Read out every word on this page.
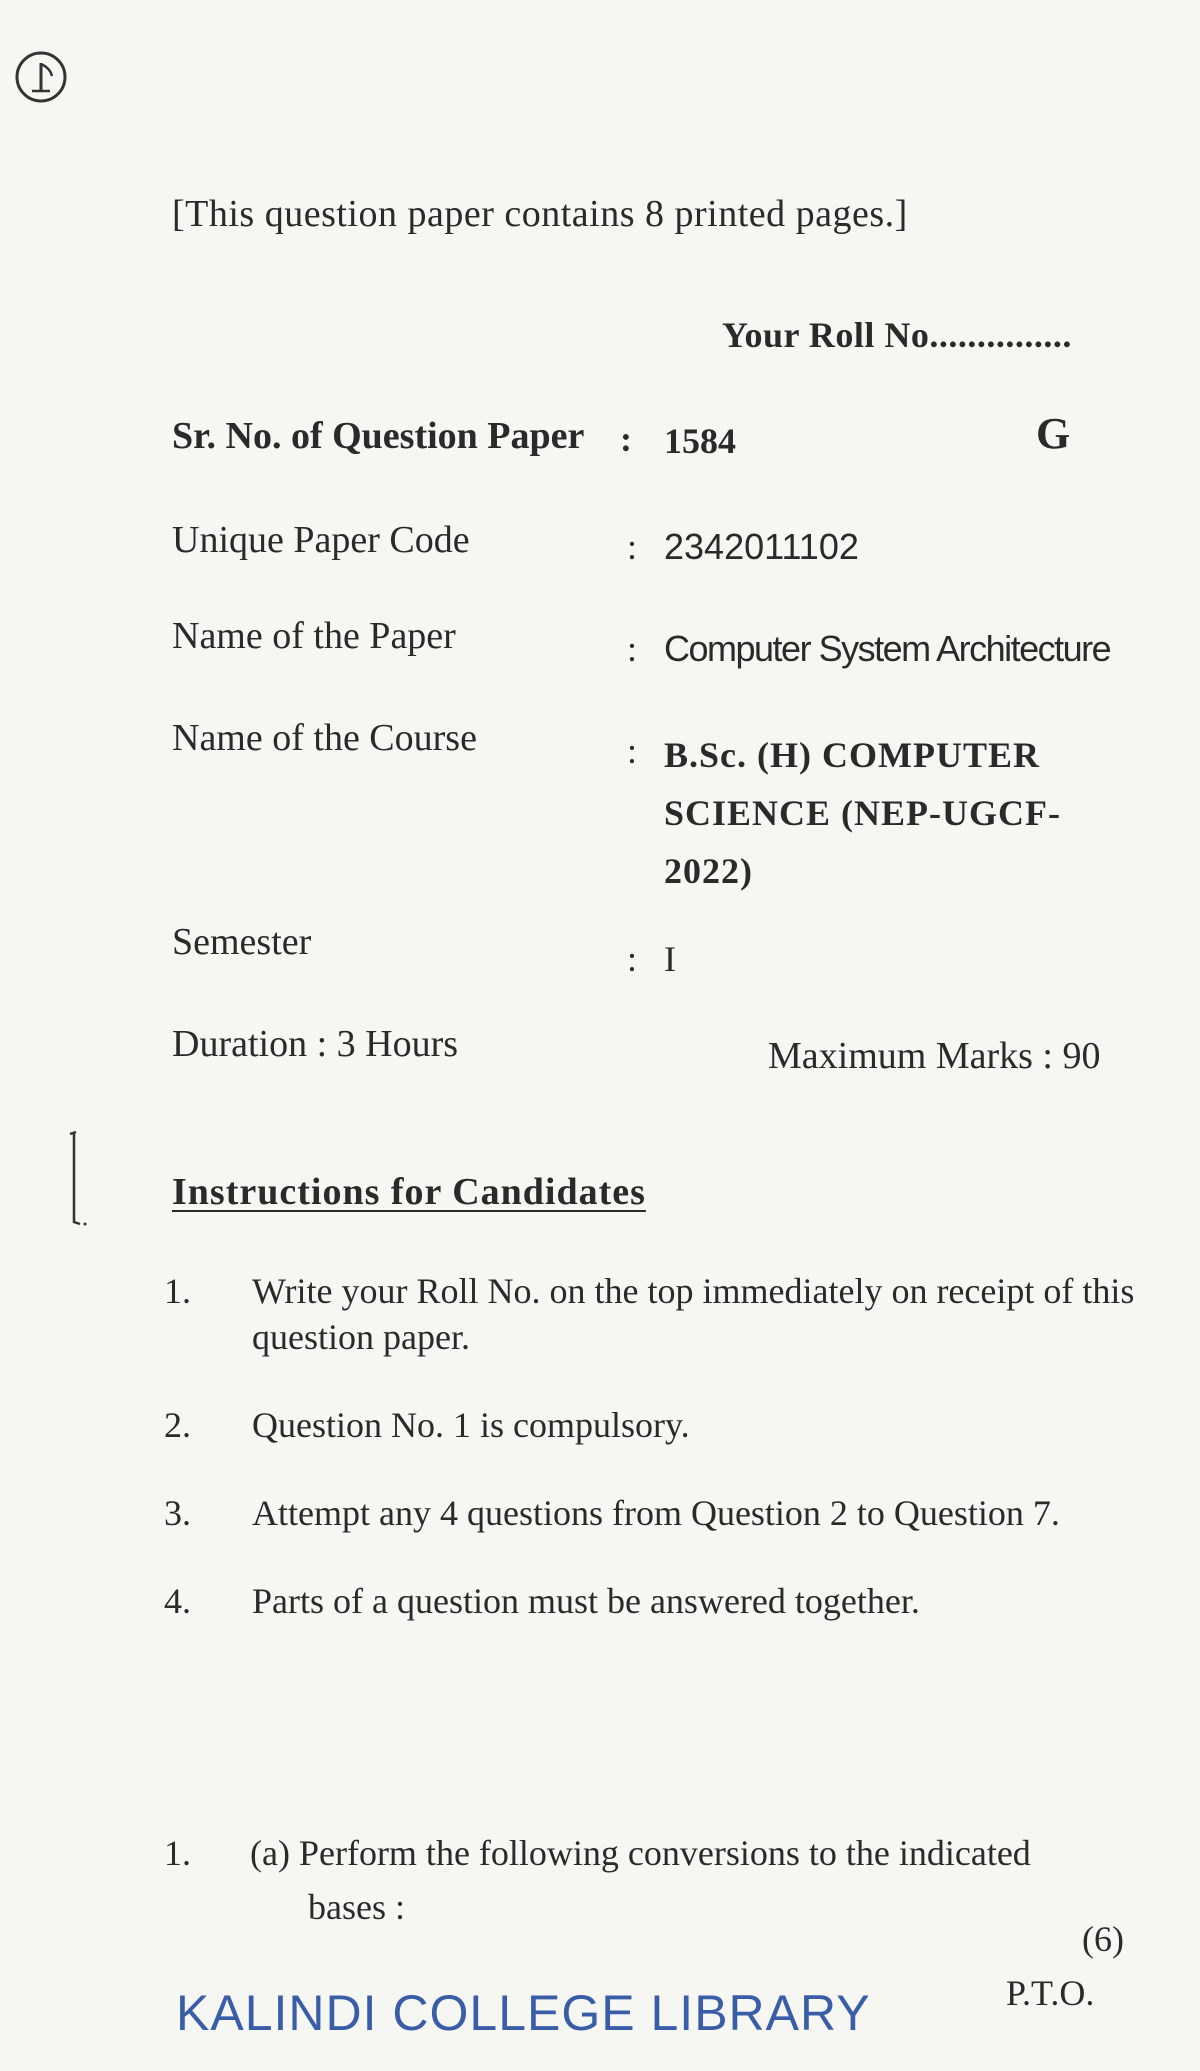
[This question paper contains 8 printed pages.]
Your Roll No...............
Sr. No. of Question Paper : 1584	G
Unique Paper Code	: 2342011102
Name of the Paper	: Computer System Architecture
Name of the Course	: B.Sc. (H) COMPUTER SCIENCE (NEP-UGCF-2022)
Semester	: I
Duration : 3 Hours	Maximum Marks : 90
Instructions for Candidates
1. Write your Roll No. on the top immediately on receipt of this question paper.
2. Question No. 1 is compulsory.
3. Attempt any 4 questions from Question 2 to Question 7.
4. Parts of a question must be answered together.
1.	(a) Perform the following conversions to the indicated
bases :
(6)
KALINDI COLLEGE LIBRARY	P.T.O.
